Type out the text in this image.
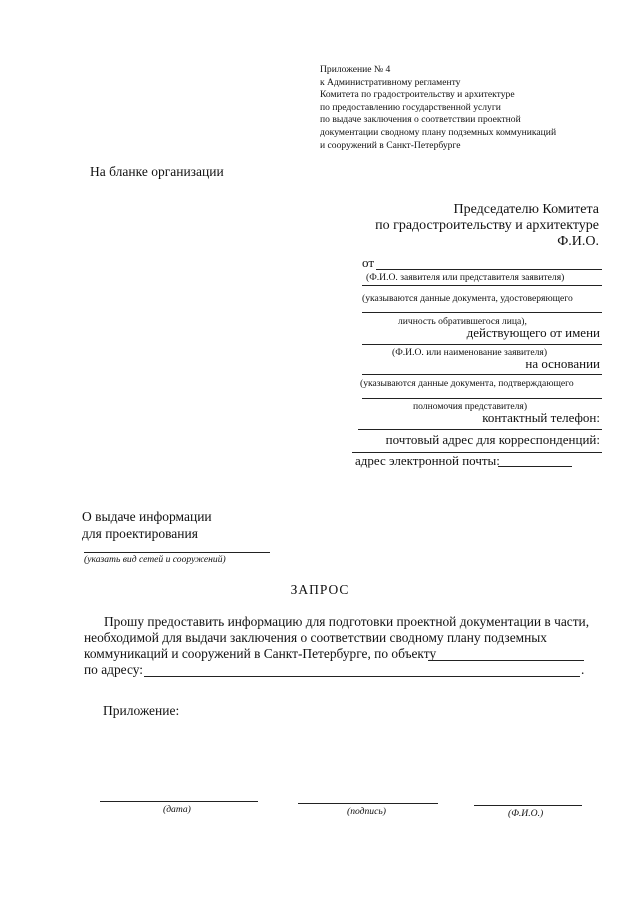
Приложение № 4
к Административному регламенту
Комитета по градостроительству и архитектуре
по предоставлению государственной услуги
по выдаче заключения о соответствии проектной
документации сводному плану подземных коммуникаций
и сооружений в Санкт-Петербурге
На бланке организации
Председателю Комитета
по градостроительству и архитектуре
Ф.И.О.
от
(Ф.И.О. заявителя или представителя заявителя)
(указываются данные документа, удостоверяющего
личность обратившегося лица),
действующего от имени
(Ф.И.О. или наименование заявителя)
на основании
(указываются данные документа, подтверждающего
полномочия представителя)
контактный телефон:
почтовый адрес для корреспонденций:
адрес электронной почты:
О выдаче информации
для проектирования
(указать вид сетей и сооружений)
ЗАПРОС
Прошу предоставить информацию для подготовки проектной документации в части,
необходимой для выдачи заключения о соответствии сводному плану подземных
коммуникаций и сооружений в Санкт-Петербурге, по объекту
по адресу:	.
Приложение:
(дата)	(подпись)	(Ф.И.О.)
